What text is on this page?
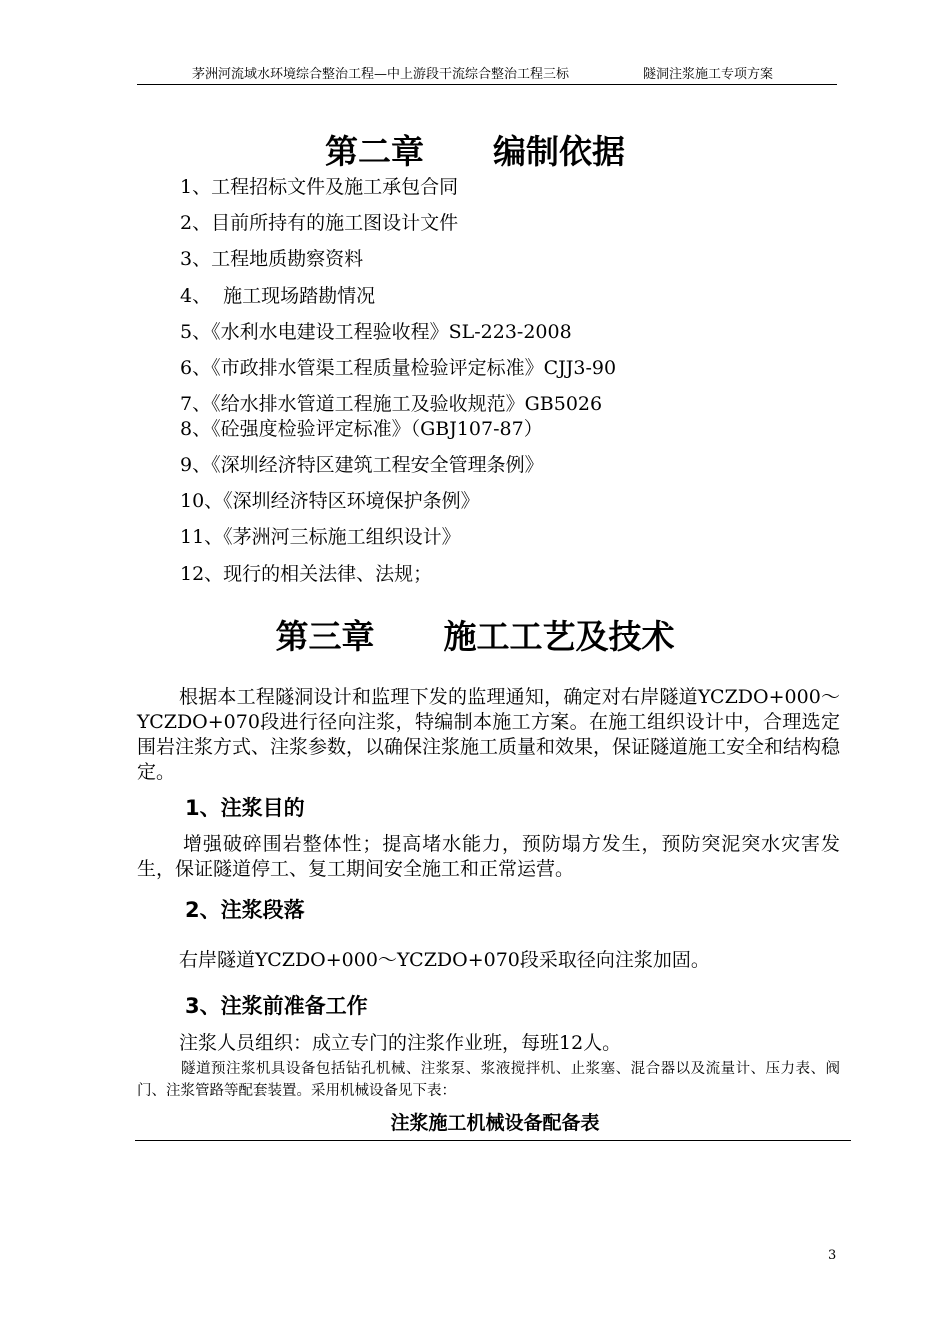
茅洲河流域水环境综合整治工程—中上游段干流综合整治工程三标	隧洞注浆施工专项方案
第二章      编制依据
1、工程招标文件及施工承包合同
2、目前所持有的施工图设计文件
3、工程地质勘察资料
4、  施工现场踏勘情况
5、《水利水电建设工程验收程》SL-223-2008
6、《市政排水管渠工程质量检验评定标准》CJJ3-90
7、《给水排水管道工程施工及验收规范》GB5026
8、《砼强度检验评定标准》（GBJ107-87）
9、《深圳经济特区建筑工程安全管理条例》
10、《深圳经济特区环境保护条例》
11、《茅洲河三标施工组织设计》
12、现行的相关法律、法规；
第三章      施工工艺及技术
根据本工程隧洞设计和监理下发的监理通知，确定对右岸隧道YCZDO+000～YCZDO+070段进行径向注浆，特编制本施工方案。在施工组织设计中，合理选定围岩注浆方式、注浆参数，以确保注浆施工质量和效果，保证隧道施工安全和结构稳定。
1、注浆目的
增强破碎围岩整体性；提高堵水能力，预防塌方发生，预防突泥突水灾害发生，保证隧道停工、复工期间安全施工和正常运营。
2、注浆段落
右岸隧道YCZDO+000～YCZDO+070段采取径向注浆加固。
3、注浆前准备工作
注浆人员组织：成立专门的注浆作业班，每班12人。
隧道预注浆机具设备包括钻孔机械、注浆泵、浆液搅拌机、止浆塞、混合器以及流量计、压力表、阀门、注浆管路等配套装置。采用机械设备见下表：
注浆施工机械设备配备表
3
